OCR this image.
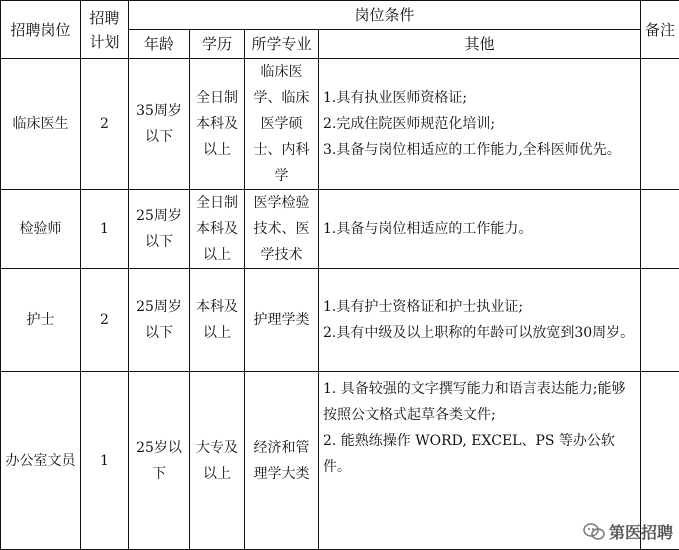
招聘岗位	招聘计划	岗位条件				备注
		年龄	学历	所学专业	其他	
临床医生	2	35周岁以下	全日制本科及以上	临床医学、临床医学硕士、内科学	1.具有执业医师资格证;
2.完成住院医师规范化培训;
3.具备与岗位相适应的工作能力,全科医师优先。	

检验师	1	25周岁以下	全日制本科及以上	医学检验技术、医学技术	1.具备与岗位相适应的工作能力。	

护士	2	25周岁以下	本科及以上	护理学类	1.具有护士资格证和护士执业证;
2.具有中级及以上职称的年龄可以放宽到30周岁。	

办公室文员	1	25岁以下	大专及以上	经济和管理学大类	1. 具备较强的文字撰写能力和语言表达能力;能够按照公文格式起草各类文件;
2. 能熟练操作 WORD, EXCEL、PS 等办公软件。	

第医招聘
